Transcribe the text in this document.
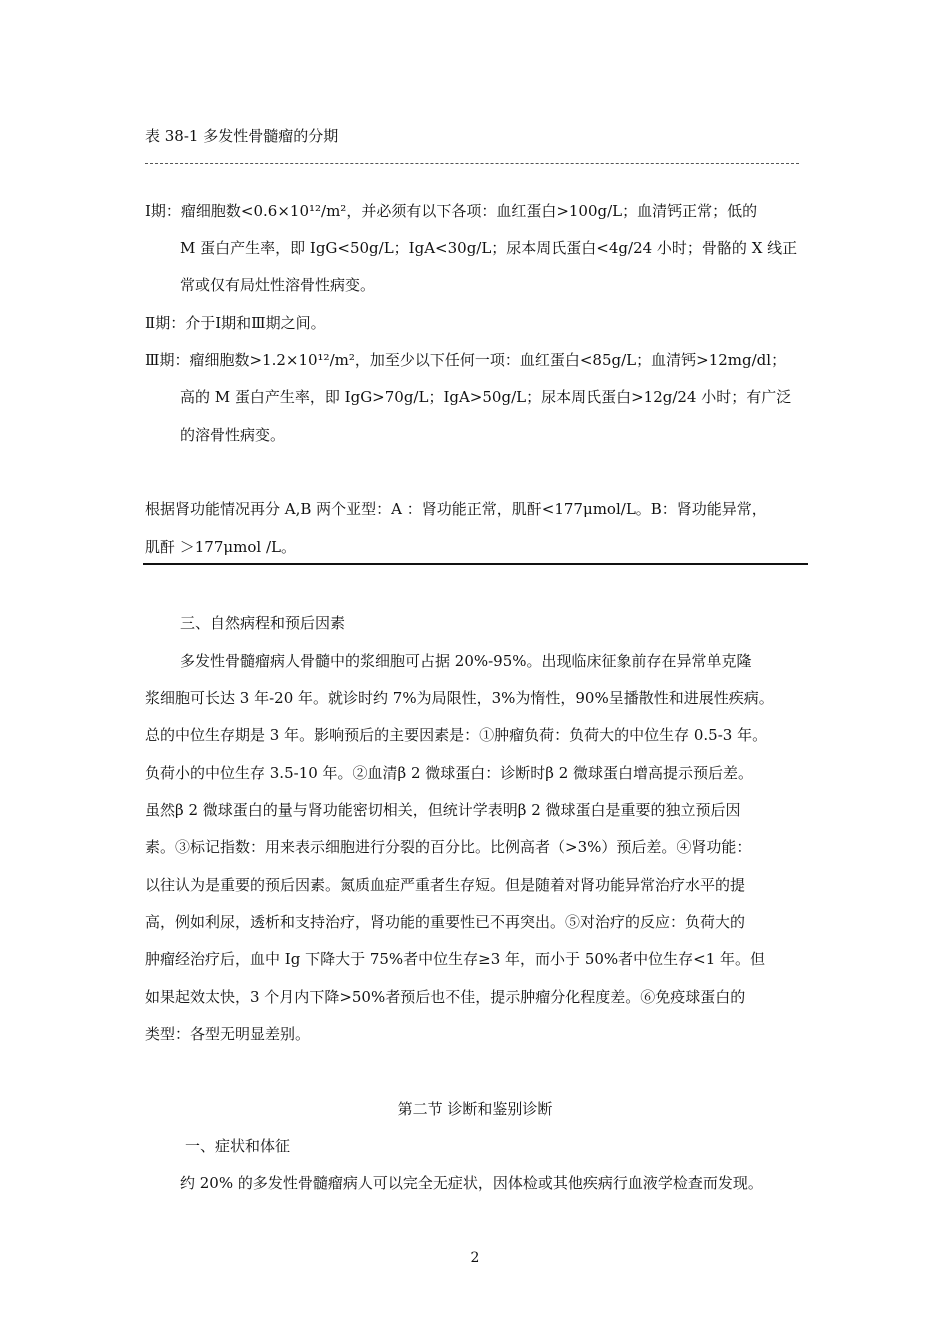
表 38-1 多发性骨髓瘤的分期
Ⅰ期：瘤细胞数<0.6×10¹²/m²，并必须有以下各项：血红蛋白>100g/L；血清钙正常；低的
M 蛋白产生率，即 IgG<50g/L；IgA<30g/L；尿本周氏蛋白<4g/24 小时；骨骼的 X 线正
常或仅有局灶性溶骨性病变。
Ⅱ期：介于Ⅰ期和Ⅲ期之间。
Ⅲ期：瘤细胞数>1.2×10¹²/m²，加至少以下任何一项：血红蛋白<85g/L；血清钙>12mg/dl；
高的 M 蛋白产生率，即 IgG>70g/L；IgA>50g/L；尿本周氏蛋白>12g/24 小时；有广泛
的溶骨性病变。
根据肾功能情况再分 A,B 两个亚型：A ：肾功能正常，肌酐<177μmol/L。B：肾功能异常，
肌酐 ＞177μmol /L。
三、自然病程和预后因素
多发性骨髓瘤病人骨髓中的浆细胞可占据 20%-95%。出现临床征象前存在异常单克隆
浆细胞可长达 3 年-20 年。就诊时约 7%为局限性，3%为惰性，90%呈播散性和进展性疾病。
总的中位生存期是 3 年。影响预后的主要因素是：①肿瘤负荷：负荷大的中位生存 0.5-3 年。
负荷小的中位生存 3.5-10 年。②血清β 2 微球蛋白：诊断时β 2 微球蛋白增高提示预后差。
虽然β 2 微球蛋白的量与肾功能密切相关，但统计学表明β 2 微球蛋白是重要的独立预后因
素。③标记指数：用来表示细胞进行分裂的百分比。比例高者（>3%）预后差。④肾功能：
以往认为是重要的预后因素。氮质血症严重者生存短。但是随着对肾功能异常治疗水平的提
高，例如利尿，透析和支持治疗，肾功能的重要性已不再突出。⑤对治疗的反应：负荷大的
肿瘤经治疗后，血中 Ig 下降大于 75%者中位生存≥3 年，而小于 50%者中位生存<1 年。但
如果起效太快，3 个月内下降>50%者预后也不佳，提示肿瘤分化程度差。⑥免疫球蛋白的
类型：各型无明显差别。
第二节 诊断和鉴别诊断
一、症状和体征
约 20% 的多发性骨髓瘤病人可以完全无症状，因体检或其他疾病行血液学检查而发现。
2
